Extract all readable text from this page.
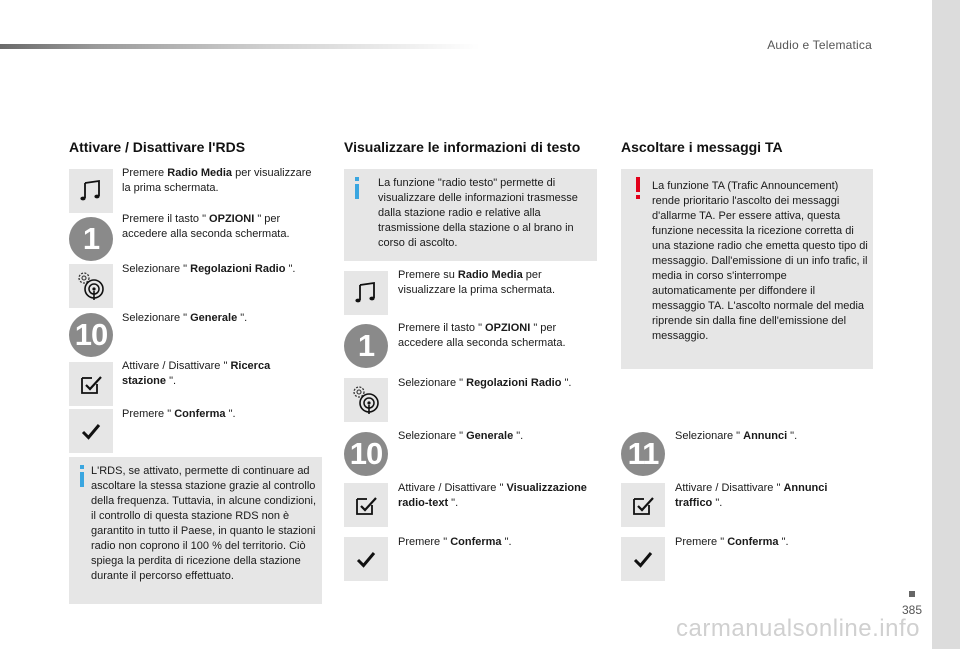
Audio e Telematica
385
carmanualsonline.info
Attivare / Disattivare l'RDS
Premere Radio Media per visualizzare la prima schermata.
1
Premere il tasto " OPZIONI " per accedere alla seconda schermata.
Selezionare " Regolazioni Radio ".
10	Selezionare " Generale ".
Attivare / Disattivare " Ricerca stazione ".
Premere " Conferma ".
L'RDS, se attivato, permette di continuare ad ascoltare la stessa stazione grazie al controllo della frequenza. Tuttavia, in alcune condizioni, il controllo di questa stazione RDS non è garantito in tutto il Paese, in quanto le stazioni radio non coprono il 100 % del territorio. Ciò spiega la perdita di ricezione della stazione durante il percorso effettuato.
Visualizzare le informazioni di testo
La funzione "radio testo" permette di visualizzare delle informazioni trasmesse dalla stazione radio e relative alla trasmissione della stazione o al brano in corso di ascolto.
Premere su Radio Media per visualizzare la prima schermata.
1	Premere il tasto " OPZIONI " per accedere alla seconda schermata.
Selezionare " Regolazioni Radio ".
10	Selezionare " Generale ".
Attivare / Disattivare " Visualizzazione radio-text ".
Premere " Conferma ".
Ascoltare i messaggi TA
La funzione TA (Trafic Announcement) rende prioritario l'ascolto dei messaggi d'allarme TA. Per essere attiva, questa funzione necessita la ricezione corretta di una stazione radio che emetta questo tipo di messaggio. Dall'emissione di un info trafic, il media in corso s'interrompe automaticamente per diffondere il messaggio TA. L'ascolto normale del media riprende sin dalla fine dell'emissione del messaggio.
11	Selezionare " Annunci ".
Attivare / Disattivare " Annunci traffico ".
Premere " Conferma ".
